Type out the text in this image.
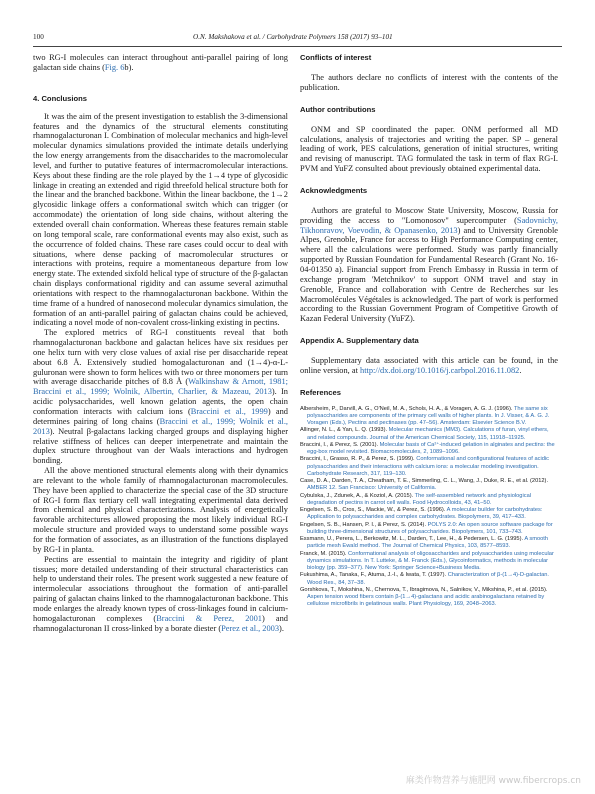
100	O.N. Makshakova et al. / Carbohydrate Polymers 158 (2017) 93–101

two RG-I molecules can interact throughout anti-parallel pairing of long galactan side chains (Fig. 6b).

4. Conclusions

It was the aim of the present investigation to establish the 3-dimensional features and the dynamics of the structural elements constituting rhamnogalacturonan I. Combination of molecular mechanics and high-level molecular dynamics simulations provided the intimate details underlying the low energy arrangements from the disaccharides to the macromolecular level, and further to putative features of intermacromolecular interactions. Keys about these finding are the role played by the 1→4 type of glycosidic linkage in creating an extended and rigid threefold helical structure both for the linear and the branched backbone. Within the linear backbone, the 1→2 glycosidic linkage offers a conformational switch which can trigger (or accommodate) the orientation of long side chains, without altering the extended overall chain conformation. Whereas these features remain stable on long temporal scale, rare conformational events may also exist, such as the occurrence of folded chains. These rare cases could occur to deal with situations, where dense packing of macromolecular structures or interactions with proteins, require a momentaneous departure from low energy state. The extended sixfold helical type of structure of the β-galactan chain displays conformational rigidity and can assume several azimuthal orientations with respect to the rhamnogalacturonan backbone. Within the time frame of a hundred of nanosecond molecular dynamics simulation, the formation of an anti-parallel pairing of galactan chains could be achieved, indicating a novel mode of non-covalent cross-linking existing in pectins.

The explored metrics of RG-I constituents reveal that both rhamnogalacturonan backbone and galactan helices have six residues per one helix turn with very close values of axial rise per disaccharide repeat about 6.8 Å. Extensively studied homogalacturonan and (1→4)-α-L-guluronan were shown to form helices with two or three monomers per turn with average disaccharide pitches of 8.8 Å (Walkinshaw & Arnott, 1981; Braccini et al., 1999; Wolnik, Albertin, Charlier, & Mazeau, 2013). In acidic polysaccharides, well known gelation agents, the open chain conformation interacts with calcium ions (Braccini et al., 1999) and determines pairing of long chains (Braccini et al., 1999; Wolnik et al., 2013). Neutral β-galactans lacking charged groups and displaying higher relative stiffness of helices can deeper interpenetrate and maintain the duplex structure throughout van der Waals interactions and hydrogen bonding.

All the above mentioned structural elements along with their dynamics are relevant to the whole family of rhamnogalacturonan macromolecules. They have been applied to characterize the special case of the 3D structure of RG-I form flax tertiary cell wall integrating experimental data derived from chemical and physical characterizations. Analysis of energetically favorable architectures allowed proposing the most likely individual RG-I molecule structure and provided ways to understand some possible ways for the formation of associates, as an illustration of the functions displayed by RG-I in planta.

Pectins are essential to maintain the integrity and rigidity of plant tissues; more detailed understanding of their structural characteristics can help to understand their roles. The present work suggested a new feature of intermolecular associations throughout the formation of anti-parallel pairing of galactan chains linked to the rhamnogalacturonan backbone. This mode enlarges the already known types of cross-linkages found in calcium-homogalacturonan complexes (Braccini & Perez, 2001) and rhamnogalacturonan II cross-linked by a borate diester (Perez et al., 2003).

Conflicts of interest

The authors declare no conflicts of interest with the contents of the publication.

Author contributions

ONM and SP coordinated the paper. ONM performed all MD calculations, analysis of trajectories and writing the paper. SP – general leading of work, PES calculations, generation of initial structures, writing and revising of manuscript. TAG formulated the task in term of flax RG-I. PVM and YuFZ consulted about previously obtained experimental data.

Acknowledgments

Authors are grateful to Moscow State University, Moscow, Russia for providing the access to "Lomonosov" supercomputer (Sadovnichy, Tikhonravov, Voevodin, & Opanasenko, 2013) and to University Grenoble Alpes, Grenoble, France for access to High Performance Computing center, where all the calculations were performed. Study was partly financially supported by Russian Foundation for Fundamental Research (Grant No. 16-04-01350 a). Financial support from French Embassy in Russia in term of exchange program 'Metchnikov' to support ONM travel and stay in Grenoble, France and collaboration with Centre de Recherches sur les Macromolécules Végétales is acknowledged. The part of work is performed according to the Russian Government Program of Competitive Growth of Kazan Federal University (YuFZ).

Appendix A. Supplementary data

Supplementary data associated with this article can be found, in the online version, at http://dx.doi.org/10.1016/j.carbpol.2016.11.082.

References

Albersheim, P., Darvill, A. G., O'Neil, M. A., Schols, H. A., & Voragen, A. G. J. (1996). The same six polysaccharides are components of the primary cell walls of higher plants. In J. Visser, & A. G. J. Voragen (Eds.), Pectins and pectinases (pp. 47–56). Amsterdam: Elsevier Science B.V.

Allinger, N. L., & Yan, L. Q. (1993). Molecular mechanics (MM3). Calculations of furan, vinyl ethers, and related compounds. Journal of the American Chemical Society, 115, 11918–11925.

Braccini, I., & Perez, S. (2001). Molecular basis of Ca²⁺-induced gelation in alginates and pectins: the egg-box model revisited. Biomacromolecules, 2, 1089–1096.

Braccini, I., Grasso, R. P., & Perez, S. (1999). Conformational and configurational features of acidic polysaccharides and their interactions with calcium ions: a molecular modeling investigation. Carbohydrate Research, 317, 119–130.

Case, D. A., Darden, T. A., Cheatham, T. E., Simmerling, C. L., Wang, J., Duke, R. E., et al. (2012). AMBER 12. San Francisco: University of California.

Cybulska, J., Zdunek, A., & Koziol, A. (2015). The self-assembled network and physiological degradation of pectins in carrot cell walls. Food Hydrocolloids, 43, 41–50.

Engelsen, S. B., Cros, S., Mackie, W., & Perez, S. (1996). A molecular builder for carbohydrates: Application to polysaccharides and complex carbohydrates. Biopolymers, 39, 417–433.

Engelsen, S. B., Hansen, P. I., & Perez, S. (2014). POLYS 2.0: An open source software package for building three-dimensional structures of polysaccharides. Biopolymers, 101, 733–743.

Essmann, U., Perera, L., Berkowitz, M. L., Darden, T., Lee, H., & Pedersen, L. G. (1995). A smooth particle mesh Ewald method. The Journal of Chemical Physics, 103, 8577–8593.

Franck, M. (2015). Conformational analysis of oligosaccharides and polysaccharides using molecular dynamics simulations. In T. Lutteke, & M. Franck (Eds.), Glycoinformatics, methods in molecular biology (pp. 359–377). New York: Springer Science+Business Media.

Fukushima, A., Tanaka, F., Atuma, J.-I., & Iwata, T. (1997). Characterization of β-(1→4)-D-galactan. Wood Res., 84, 37–38.

Gorshkova, T., Mokshina, N., Chernova, T., Ibragimova, N., Salnikov, V., Mikshina, P., et al. (2015). Aspen tension wood fibers contain β-(1→4)-galactans and acidic arabinogalactans retained by cellulose microfibrils in gelatinous walls. Plant Physiology, 169, 2048–2063.

麻类作物营养与施肥网 www.fibercrops.cn
